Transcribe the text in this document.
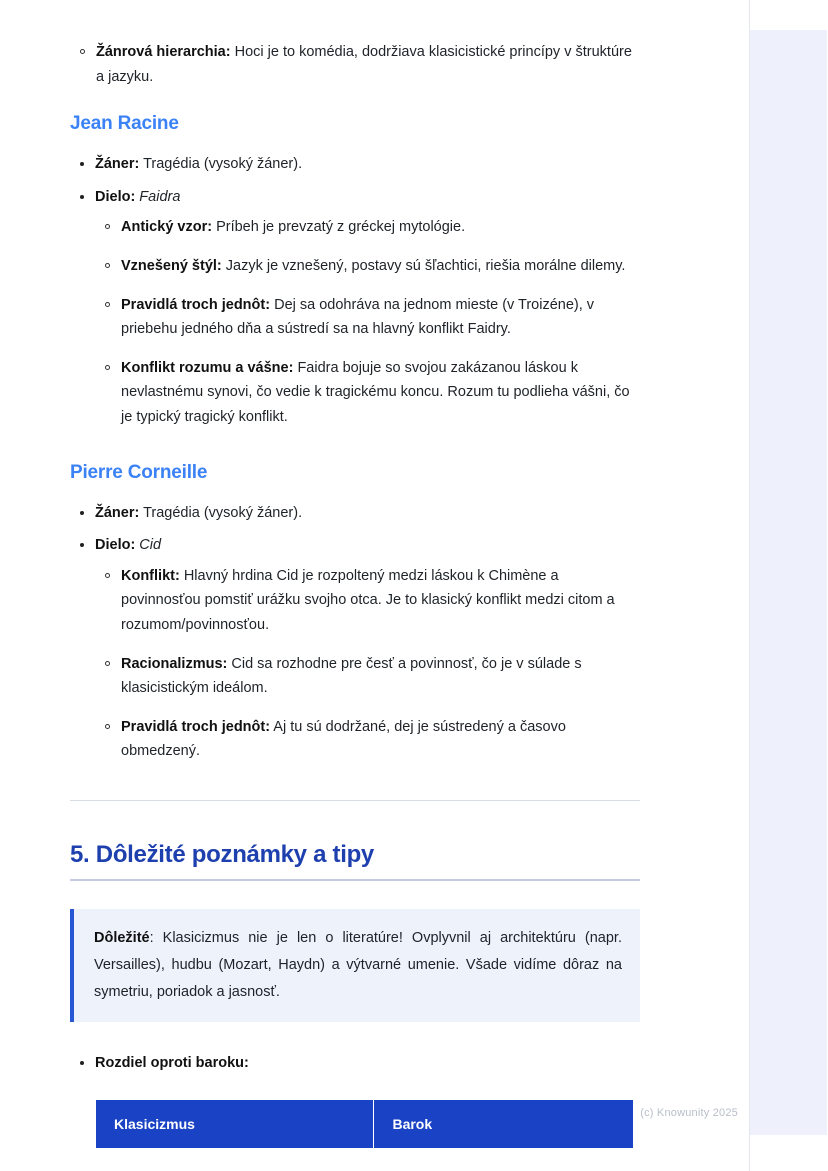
(c) Knowunity 2025
Žánrová hierarchia: Hoci je to komédia, dodržiava klasicistické princípy v štruktúre a jazyku.
Jean Racine
Žáner: Tragédia (vysoký žáner).
Dielo: Faidra
Antický vzor: Príbeh je prevzatý z gréckej mytológie.
Vznešený štýl: Jazyk je vznešený, postavy sú šľachtici, riešia morálne dilemy.
Pravidlá troch jednôt: Dej sa odohráva na jednom mieste (v Troizéne), v priebehu jedného dňa a sústredí sa na hlavný konflikt Faidry.
Konflikt rozumu a vášne: Faidra bojuje so svojou zakázanou láskou k nevlastnému synovi, čo vedie k tragickému koncu. Rozum tu podlieha vášni, čo je typický tragický konflikt.
Pierre Corneille
Žáner: Tragédia (vysoký žáner).
Dielo: Cid
Konflikt: Hlavný hrdina Cid je rozpoltený medzi láskou k Chimène a povinnosťou pomstiť urážku svojho otca. Je to klasický konflikt medzi citom a rozumom/povinnosťou.
Racionalizmus: Cid sa rozhodne pre česť a povinnosť, čo je v súlade s klasicistickým ideálom.
Pravidlá troch jednôt: Aj tu sú dodržané, dej je sústredený a časovo obmedzený.
5. Dôležité poznámky a tipy
Dôležité: Klasicizmus nie je len o literatúre! Ovplyvnil aj architektúru (napr. Versailles), hudbu (Mozart, Haydn) a výtvarné umenie. Všade vidíme dôraz na symetriu, poriadok a jasnosť.
Rozdiel oproti baroku:
Klasicizmus	Barok
